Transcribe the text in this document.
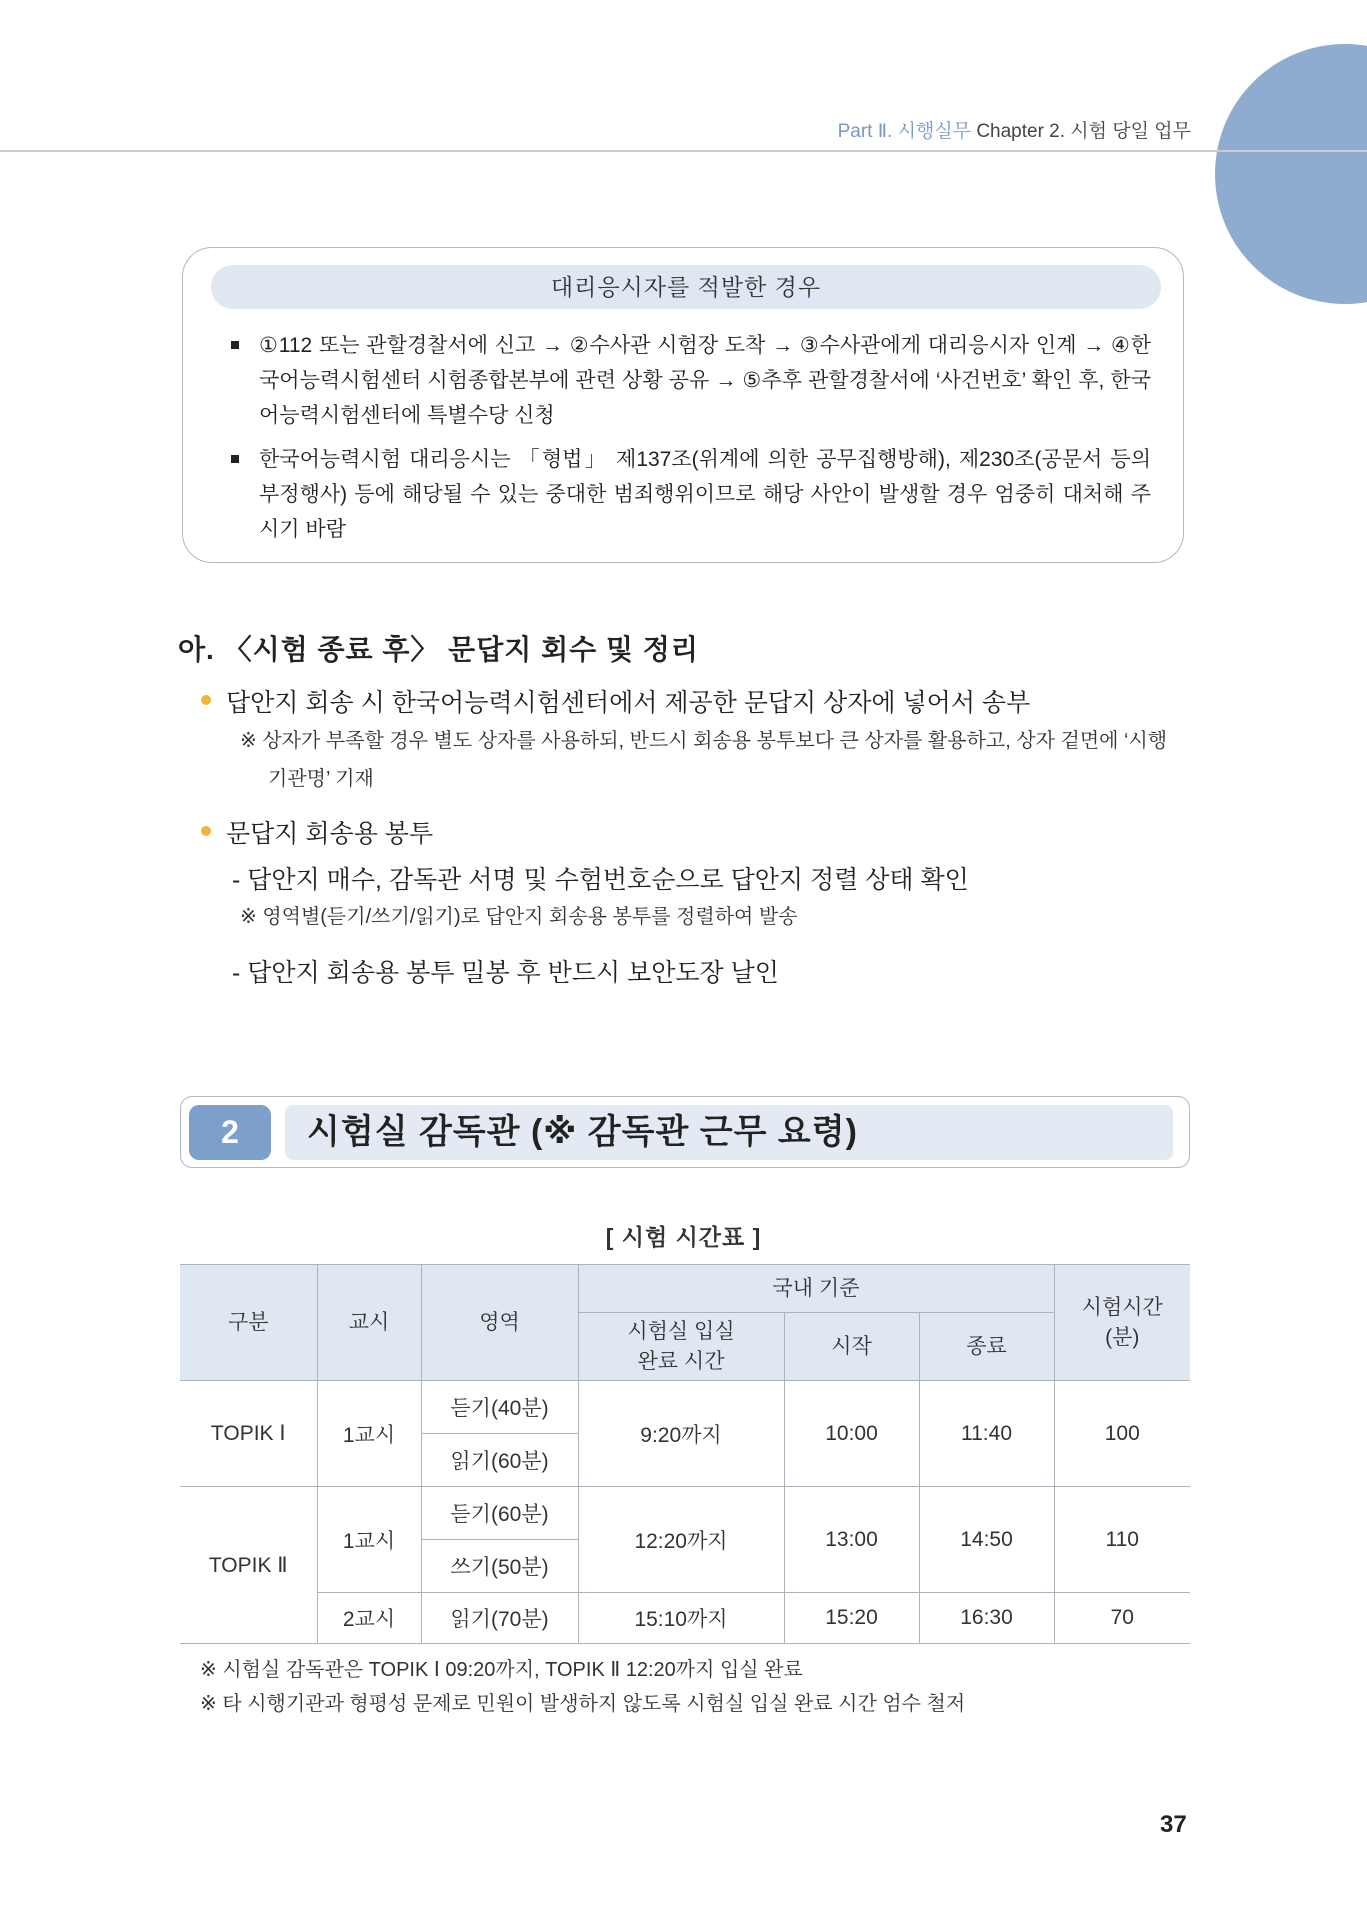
Part Ⅱ. 시행실무 Chapter 2. 시험 당일 업무
대리응시자를 적발한 경우
①112 또는 관할경찰서에 신고 → ②수사관 시험장 도착 → ③수사관에게 대리응시자 인계 → ④한국어능력시험센터 시험종합본부에 관련 상황 공유 → ⑤추후 관할경찰서에 ‘사건번호’ 확인 후, 한국어능력시험센터에 특별수당 신청
한국어능력시험 대리응시는 「형법」 제137조(위계에 의한 공무집행방해), 제230조(공문서 등의 부정행사) 등에 해당될 수 있는 중대한 범죄행위이므로 해당 사안이 발생할 경우 엄중히 대처해 주시기 바람
아. 〈시험 종료 후〉 문답지 회수 및 정리
답안지 회송 시 한국어능력시험센터에서 제공한 문답지 상자에 넣어서 송부
※ 상자가 부족할 경우 별도 상자를 사용하되, 반드시 회송용 봉투보다 큰 상자를 활용하고, 상자 겉면에 ‘시행
기관명’ 기재
문답지 회송용 봉투
- 답안지 매수, 감독관 서명 및 수험번호순으로 답안지 정렬 상태 확인
※ 영역별(듣기/쓰기/읽기)로 답안지 회송용 봉투를 정렬하여 발송
- 답안지 회송용 봉투 밀봉 후 반드시 보안도장 날인
2	시험실 감독관 (※ 감독관 근무 요령)
[ 시험 시간표 ]
구분	교시	영역	국내 기준			시험시간 (분)
			시험실 입실 완료 시간	시작	종료	
TOPIK Ⅰ	1교시	듣기(40분)	9:20까지	10:00	11:40	100
		읽기(60분)				
TOPIK Ⅱ	1교시	듣기(60분)	12:20까지	13:00	14:50	110
		쓰기(50분)				
	2교시	읽기(70분)	15:10까지	15:20	16:30	70
※ 시험실 감독관은 TOPIK Ⅰ 09:20까지, TOPIK Ⅱ 12:20까지 입실 완료
※ 타 시행기관과 형평성 문제로 민원이 발생하지 않도록 시험실 입실 완료 시간 엄수 철저
37
